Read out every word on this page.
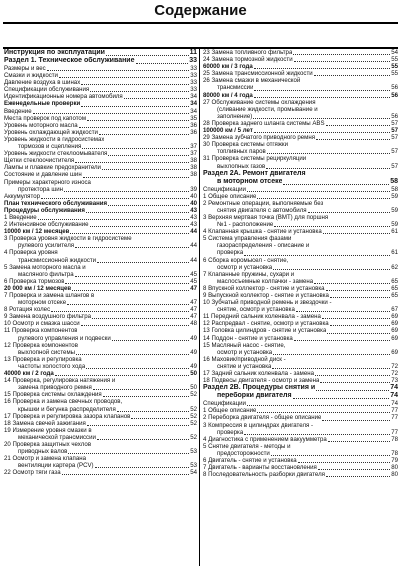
Содержание
Инструкция по эксплуатации	11
Раздел 1. Техническое обслуживание	33
Размеры и вес	33
Смазки и жидкости	33
Давление воздуха в шинах	33
Спецификации обслуживания	33
Идентификационные номера автомобиля	34
Еженедельные проверки	34
Введение	34
Места проверок под капотом	35
Уровень моторного масла	36
Уровень охлаждающей жидкости	36
Уровень жидкости в гидросистемах
тормозов и сцепления	37
Уровень жидкости стеклоомывателя	37
Щетки стеклоочистителя	38
Лампы и плавкие предохранители	38
Состояние и давление шин	38
Примеры характерного износа
протектора шин	39
Аккумулятор	40
План технического обслуживания	40
Процедуры обслуживания	43
1 Введение	43
2 Интенсивное обслуживание	43
10000 км / 12 месяцев	44
3 Проверка уровня жидкости в гидросистеме
рулевого усилителя	44
4 Проверка уровня
трансмиссионной жидкости	44
5 Замена моторного масла и
масляного фильтра	45
6 Проверка тормозов	45
20 000 км / 12 месяцев	47
7 Проверка и замена шлангов в
моторном отсеке	47
8 Ротация колес	47
9 Замена воздушного фильтра	47
10 Осмотр и смазка шасси	48
11 Проверка компонентов
рулевого управления и подвески	49
12 Проверка компонентов
выхлопной системы	49
13 Проверка и регулировка
частоты холостого хода	49
40000 км / 2 года	50
14 Проверка, регулировка натяжения и
замена приводного ремня	50
15 Проверка системы охлаждения	52
16 Проверка и замена свечных проводов,
крышки и бегунка распределителя	52
17 Проверка и регулировка зазора клапанов	52
18 Замена свечей зажигания	52
19 Измерение уровня смазки в
механической трансмиссии	52
20 Проверка защитных чехлов
приводных валов	53
21 Осмотр и замена клапана
вентиляции картера (PCV)	53
22 Осмотр тяги газа	54
23 Замена топливного фильтра	54
24 Замена тормозной жидкости	55
60000 км / 3 года	55
25 Замена трансмиссионной жидкости	55
26 Замена смазки в механической
трансмиссии	56
80000 км / 4 года	56
27 Обслуживание системы охлаждения
(сливание жидкости, промывание и
заполнение)	56
28 Проверка заднего шланга системы ABS	57
100000 км / 5 лет	57
29 Замена зубчатого приводного ремня	57
30 Проверка системы отгяжки
топливных паров	57
31 Проверка системы рециркуляции
выхлопных газов	57
Раздел 2А. Ремонт двигателя
в моторном отсеке	58
Спецификации	58
1 Общее описание	59
2 Ремонтные операции, выполняемые без
снятия двигателя с автомобиля	59
3 Верхняя мертвая точка (ВМТ) для поршня
№1 - расположение	59
4 Клапанная крышка - снятие и установка	61
5 Система управления фазами
газораспределения - описание и
проверка	61
6 Сборка коромысел - снятие,
осмотр и установка	62
7 Клапанные пружины, сухари и
маслосъемные колпачки - замена	65
8 Впускной коллектор - снятие и установка	65
9 Выпускной коллектор - снятие и установка	65
10 Зубчатый приводной ремень и звездочки -
снятие, осмотр и установка	67
11 Передний сальник коленвала - замена	69
12 Распредвал - снятие, осмотр и установка	69
13 Головка цилиндров - снятие и установка	69
14 Поддон - снятие и установка	69
15 Масляный насос - снятие,
осмотр и установка	69
16 Маховик/приводной диск -
снятие и установка	72
17 Задний сальник коленвала - замена	72
18 Подвесы двигателя - осмотр и замена	73
Раздел 2В. Процедуры снятия и	74
переборки двигателя	74
Спецификации	74
1 Общее описание	77
2 Переборка двигателя - общее описание	77
3 Компрессия в цилиндрах двигателя -
проверка	77
4 Диагностика с применением вакуумметра	78
5 Снятие двигателя - методы и
предосторожности	78
6 Двигатель - снятие и установка	79
7 Двигатель - варианты восстановления	80
8 Последовательность разборки двигателя	80
